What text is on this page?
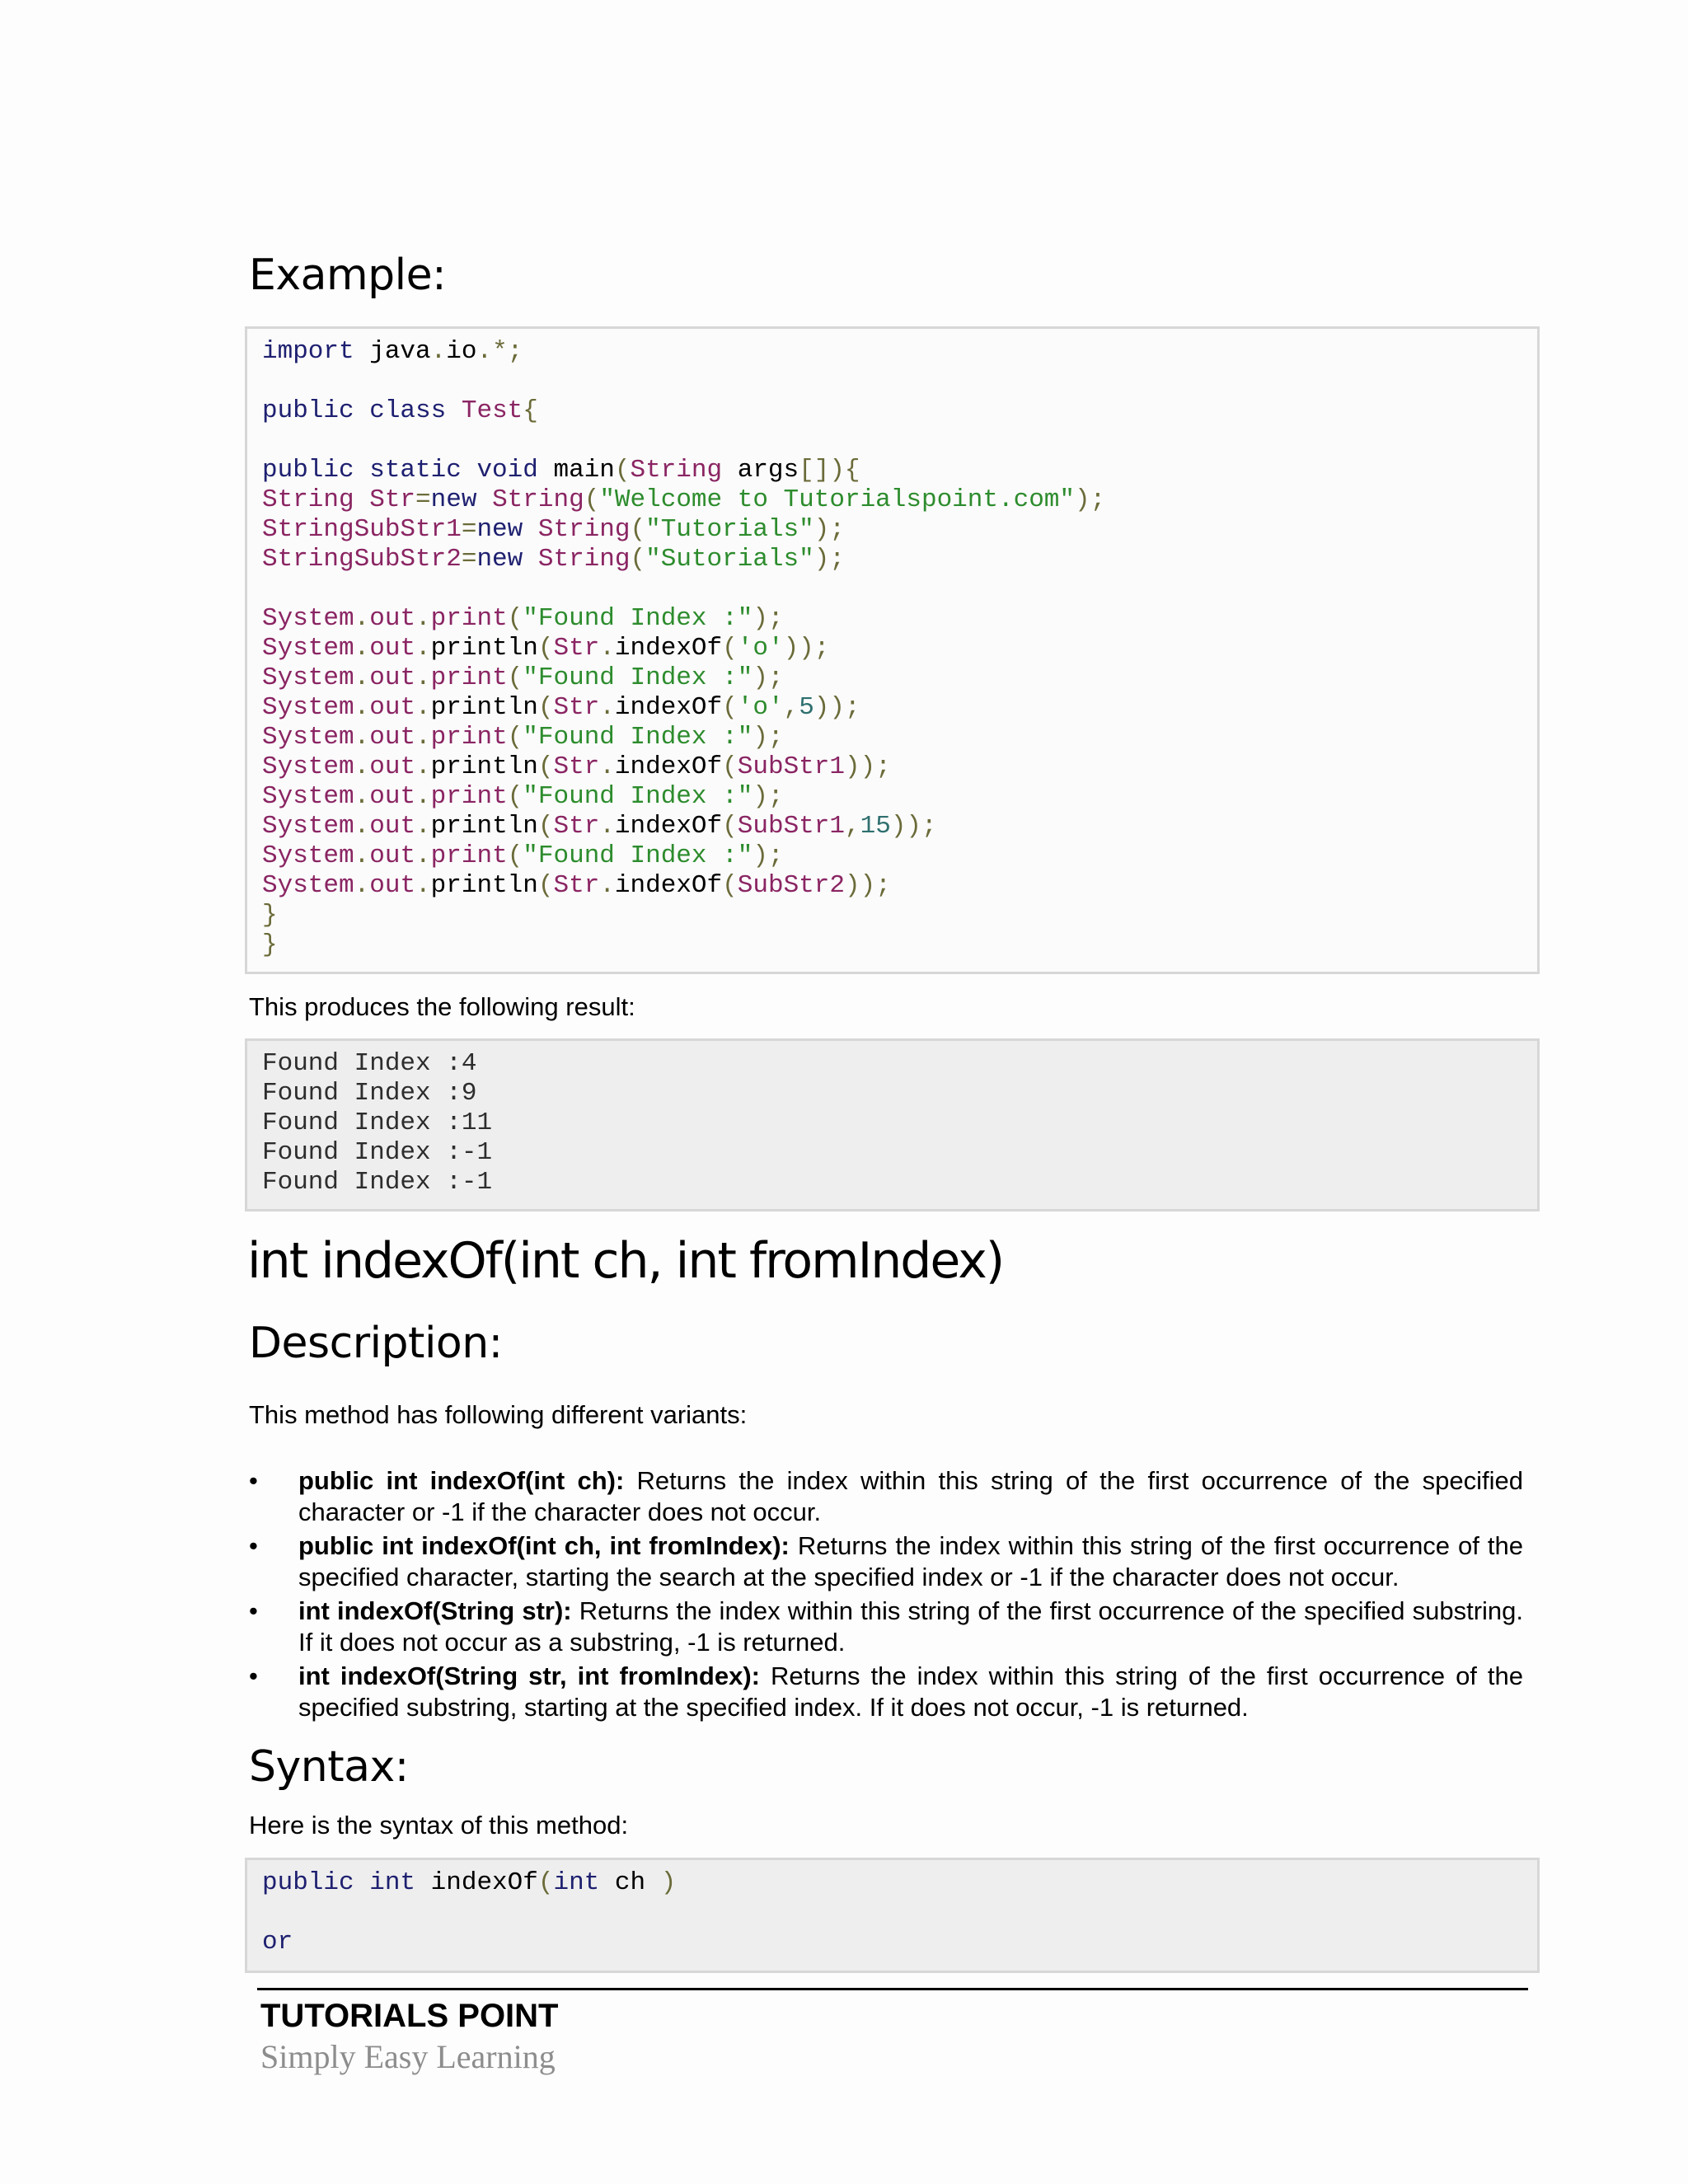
Example:
import java.io.*;
public class Test{
public static void main(String args[]){
String Str=new String("Welcome to Tutorialspoint.com");
StringSubStr1=new String("Tutorials");
StringSubStr2=new String("Sutorials");
System.out.print("Found Index :");
System.out.println(Str.indexOf('o'));
System.out.print("Found Index :");
System.out.println(Str.indexOf('o',5));
System.out.print("Found Index :");
System.out.println(Str.indexOf(SubStr1));
System.out.print("Found Index :");
System.out.println(Str.indexOf(SubStr1,15));
System.out.print("Found Index :");
System.out.println(Str.indexOf(SubStr2));
}
}

This produces the following result:

Found Index :4
Found Index :9
Found Index :11
Found Index :-1
Found Index :-1
int indexOf(int ch, int fromIndex)
Description:

This method has following different variants:

• public int indexOf(int ch): Returns the index within this string of the first occurrence of the specified character or -1 if the character does not occur.
• public int indexOf(int ch, int fromIndex): Returns the index within this string of the first occurrence of the specified character, starting the search at the specified index or -1 if the character does not occur.
• int indexOf(String str): Returns the index within this string of the first occurrence of the specified substring. If it does not occur as a substring, -1 is returned.
• int indexOf(String str, int fromIndex): Returns the index within this string of the first occurrence of the specified substring, starting at the specified index. If it does not occur, -1 is returned.
Syntax:

Here is the syntax of this method:

public int indexOf(int ch )
or

TUTORIALS POINT

Simply Easy Learning
